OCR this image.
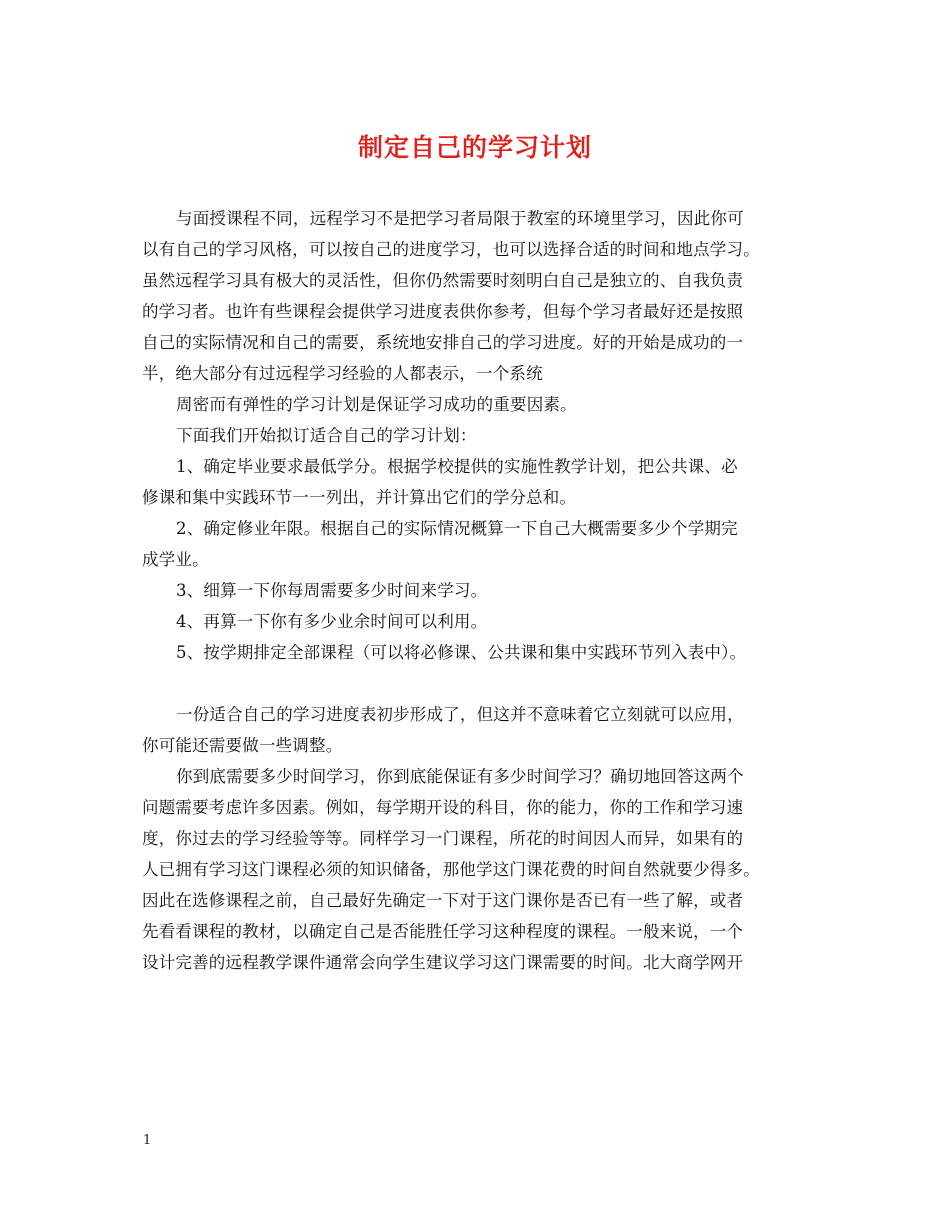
制定自己的学习计划
与面授课程不同，远程学习不是把学习者局限于教室的环境里学习，因此你可
以有自己的学习风格，可以按自己的进度学习，也可以选择合适的时间和地点学习。
虽然远程学习具有极大的灵活性，但你仍然需要时刻明白自己是独立的、自我负责
的学习者。也许有些课程会提供学习进度表供你参考，但每个学习者最好还是按照
自己的实际情况和自己的需要，系统地安排自己的学习进度。好的开始是成功的一
半，绝大部分有过远程学习经验的人都表示，一个系统
周密而有弹性的学习计划是保证学习成功的重要因素。
下面我们开始拟订适合自己的学习计划：
1、确定毕业要求最低学分。根据学校提供的实施性教学计划，把公共课、必
修课和集中实践环节一一列出，并计算出它们的学分总和。
2、确定修业年限。根据自己的实际情况概算一下自己大概需要多少个学期完
成学业。
3、细算一下你每周需要多少时间来学习。
4、再算一下你有多少业余时间可以利用。
5、按学期排定全部课程（可以将必修课、公共课和集中实践环节列入表中）。
一份适合自己的学习进度表初步形成了，但这并不意味着它立刻就可以应用，
你可能还需要做一些调整。
你到底需要多少时间学习，你到底能保证有多少时间学习？确切地回答这两个
问题需要考虑许多因素。例如，每学期开设的科目，你的能力，你的工作和学习速
度，你过去的学习经验等等。同样学习一门课程，所花的时间因人而异，如果有的
人已拥有学习这门课程必须的知识储备，那他学这门课花费的时间自然就要少得多。
因此在选修课程之前，自己最好先确定一下对于这门课你是否已有一些了解，或者
先看看课程的教材，以确定自己是否能胜任学习这种程度的课程。一般来说，一个
设计完善的远程教学课件通常会向学生建议学习这门课需要的时间。北大商学网开
1
